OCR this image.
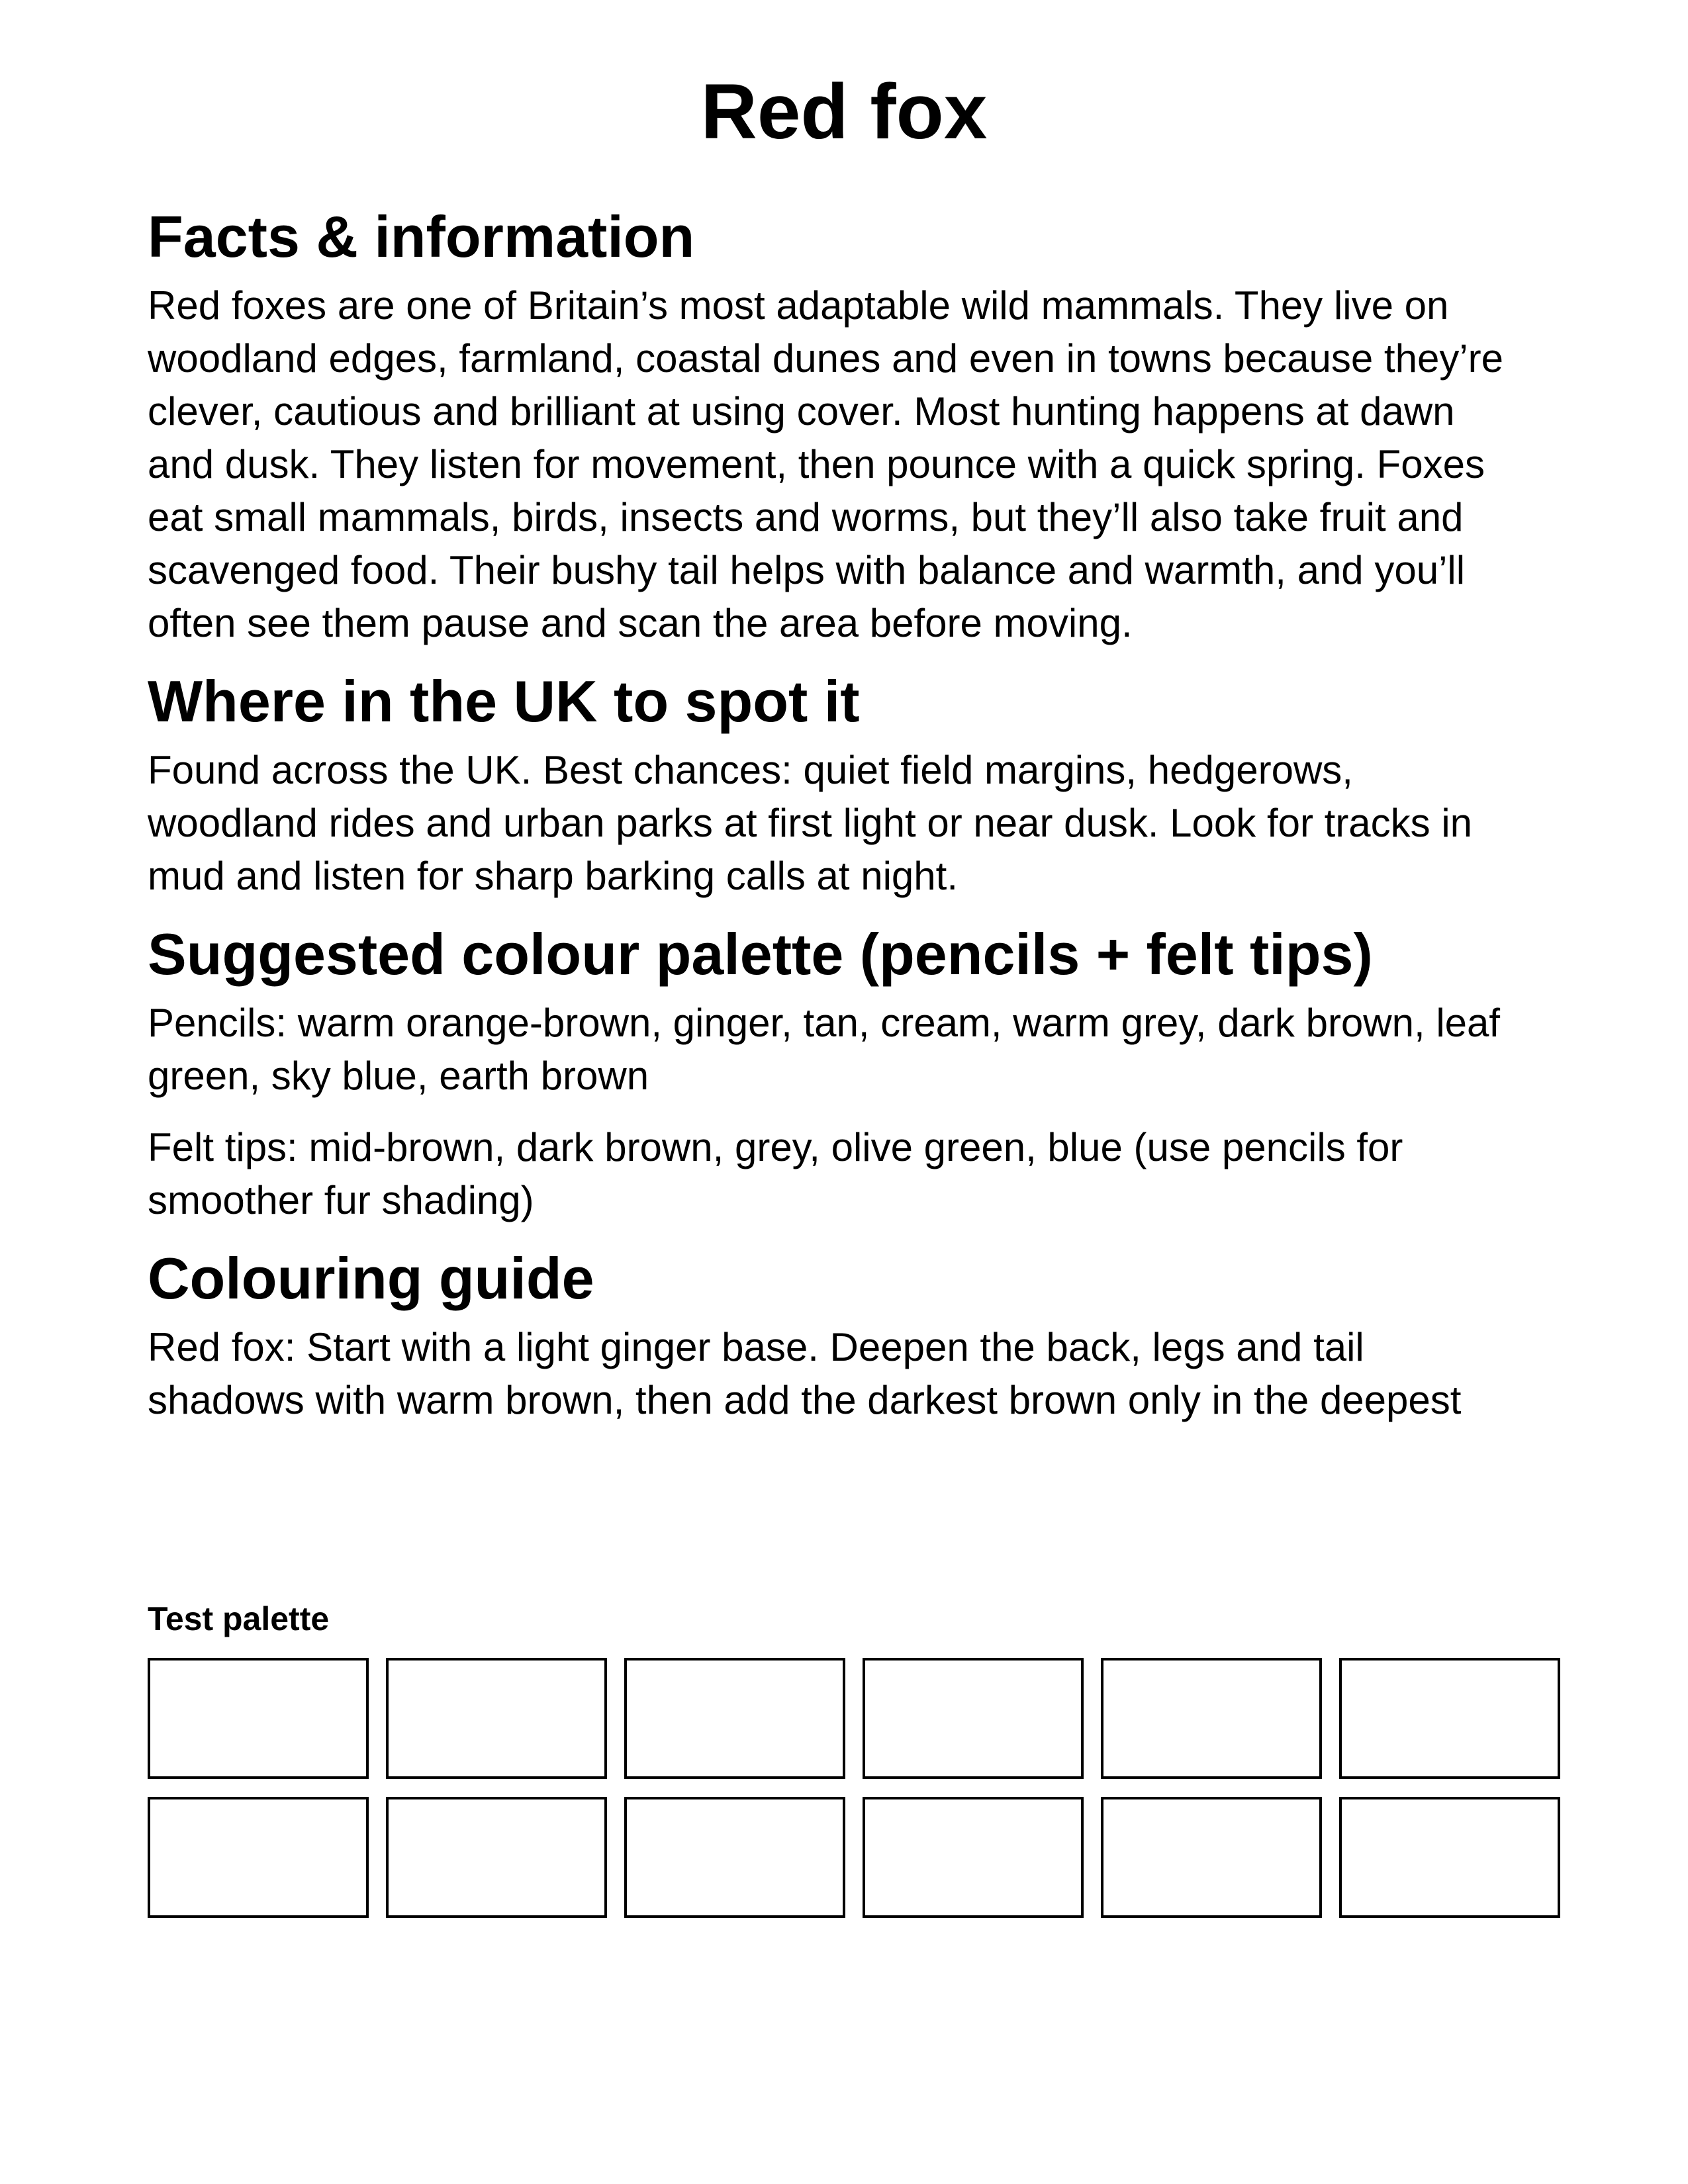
Red fox
Facts & information

Red foxes are one of Britain’s most adaptable wild mammals. They live on woodland edges, farmland, coastal dunes and even in towns because they’re clever, cautious and brilliant at using cover. Most hunting happens at dawn and dusk. They listen for movement, then pounce with a quick spring. Foxes eat small mammals, birds, insects and worms, but they’ll also take fruit and scavenged food. Their bushy tail helps with balance and warmth, and you’ll often see them pause and scan the area before moving.

Where in the UK to spot it

Found across the UK. Best chances: quiet field margins, hedgerows, woodland rides and urban parks at first light or near dusk. Look for tracks in mud and listen for sharp barking calls at night.

Suggested colour palette (pencils + felt tips)

Pencils: warm orange-brown, ginger, tan, cream, warm grey, dark brown, leaf green, sky blue, earth brown

Felt tips: mid-brown, dark brown, grey, olive green, blue (use pencils for smoother fur shading)

Colouring guide

Red fox: Start with a light ginger base. Deepen the back, legs and tail shadows with warm brown, then add the darkest brown only in the deepest

Test palette
